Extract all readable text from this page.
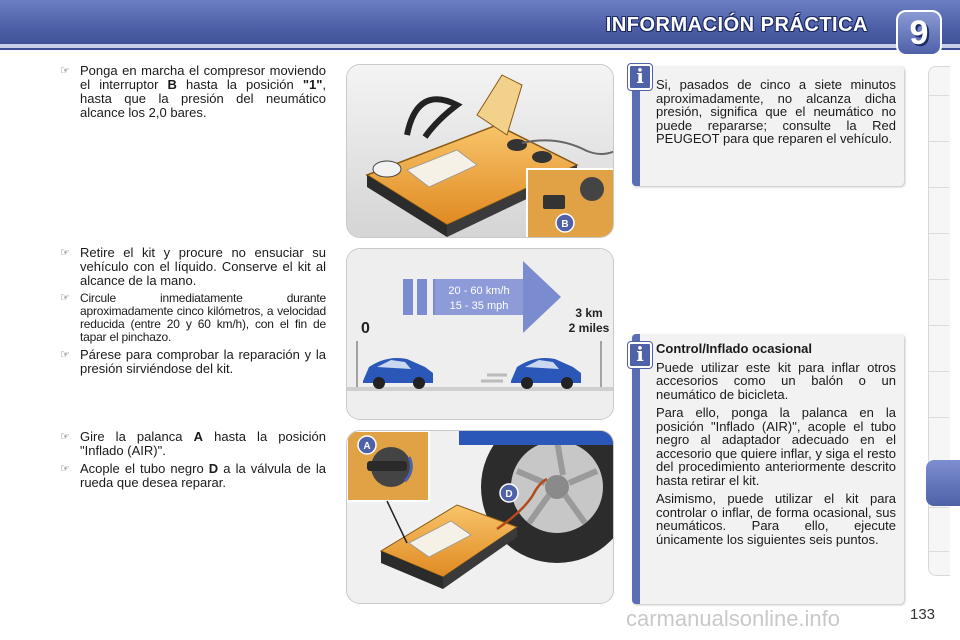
INFORMACIÓN PRÁCTICA	9
☞ Ponga en marcha el compresor moviendo el interruptor B hasta la posición "1", hasta que la presión del neumático alcance los 2,0 bares.
☞ Retire el kit y procure no ensuciar su vehículo con el líquido. Conserve el kit al alcance de la mano.
☞ Circule inmediatamente durante aproximadamente cinco kilómetros, a velocidad reducida (entre 20 y 60 km/h), con el fin de tapar el pinchazo.
☞ Párese para comprobar la reparación y la presión sirviéndose del kit.
☞ Gire la palanca A hasta la posición "Inflado (AIR)".
☞ Acople el tubo negro D a la válvula de la rueda que desea reparar.
B
20 - 60 km/h
15 - 35 mph	3 km
2 miles
0
D
A
i Si, pasados de cinco a siete minutos aproximadamente, no alcanza dicha presión, significa que el neumático no puede repararse; consulte la Red PEUGEOT para que reparen el vehículo.

i Control/Inflado ocasional

Puede utilizar este kit para inflar otros accesorios como un balón o un neumático de bicicleta.

Para ello, ponga la palanca en la posición "Inflado (AIR)", acople el tubo negro al adaptador adecuado en el accesorio que quiere inflar, y siga el resto del procedimiento anteriormente descrito hasta retirar el kit.

Asimismo, puede utilizar el kit para controlar o inflar, de forma ocasional, sus neumáticos. Para ello, ejecute únicamente los siguientes seis puntos.

carmanualsonline.info	133
